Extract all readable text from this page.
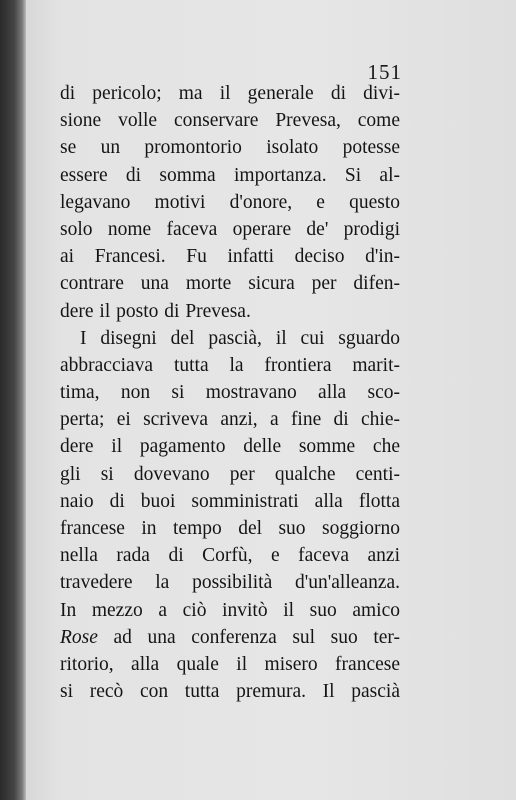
151
di pericolo; ma il generale di divi-
sione volle conservare Prevesa, come
se un promontorio isolato potesse
essere di somma importanza. Si al-
legavano motivi d'onore, e questo
solo nome faceva operare de' prodigi
ai Francesi. Fu infatti deciso d'in-
contrare una morte sicura per difen-
dere il posto di Prevesa.
I disegni del pascià, il cui sguardo
abbracciava tutta la frontiera marit-
tima, non si mostravano alla sco-
perta; ei scriveva anzi, a fine di chie-
dere il pagamento delle somme che
gli si dovevano per qualche centi-
naio di buoi somministrati alla flotta
francese in tempo del suo soggiorno
nella rada di Corfù, e faceva anzi
travedere la possibilità d'un'alleanza.
In mezzo a ciò invitò il suo amico
Rose ad una conferenza sul suo ter-
ritorio, alla quale il misero francese
si recò con tutta premura. Il pascià
